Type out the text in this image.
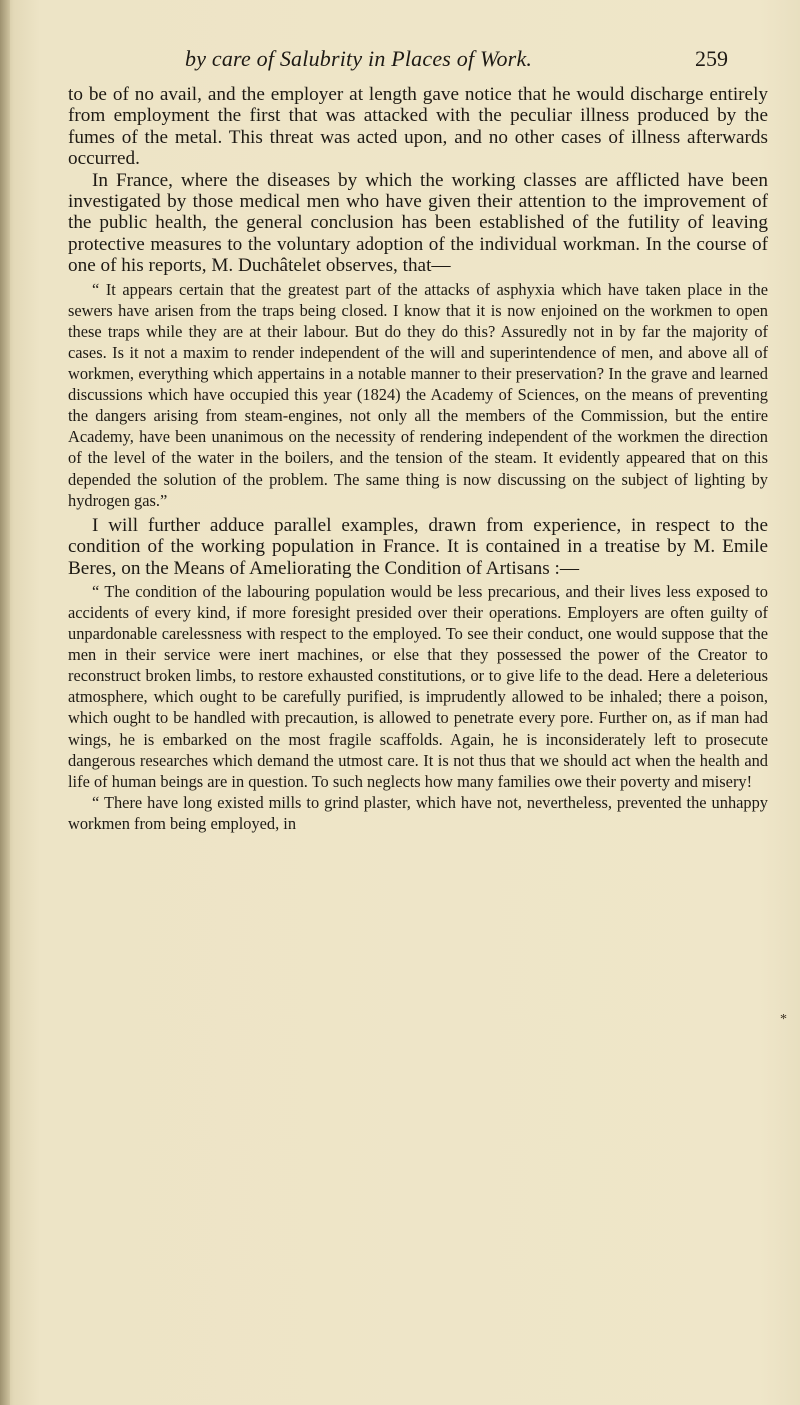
by care of Salubrity in Places of Work.	259

to be of no avail, and the employer at length gave notice that he would discharge entirely from employment the first that was attacked with the peculiar illness produced by the fumes of the metal. This threat was acted upon, and no other cases of illness afterwards occurred.

In France, where the diseases by which the working classes are afflicted have been investigated by those medical men who have given their attention to the improvement of the public health, the general conclusion has been established of the futility of leaving protective measures to the voluntary adoption of the individual workman. In the course of one of his reports, M. Duchâtelet observes, that—

“ It appears certain that the greatest part of the attacks of asphyxia which have taken place in the sewers have arisen from the traps being closed. I know that it is now enjoined on the workmen to open these traps while they are at their labour. But do they do this? Assuredly not in by far the majority of cases. Is it not a maxim to render independent of the will and superintendence of men, and above all of workmen, everything which appertains in a notable manner to their preservation? In the grave and learned discussions which have occupied this year (1824) the Academy of Sciences, on the means of preventing the dangers arising from steam-engines, not only all the members of the Commission, but the entire Academy, have been unanimous on the necessity of rendering independent of the workmen the direction of the level of the water in the boilers, and the tension of the steam. It evidently appeared that on this depended the solution of the problem. The same thing is now discussing on the subject of lighting by hydrogen gas.”

I will further adduce parallel examples, drawn from experience, in respect to the condition of the working population in France. It is contained in a treatise by M. Emile Beres, on the Means of Ameliorating the Condition of Artisans :—

“ The condition of the labouring population would be less precarious, and their lives less exposed to accidents of every kind, if more foresight presided over their operations. Employers are often guilty of unpardonable carelessness with respect to the employed. To see their conduct, one would suppose that the men in their service were inert machines, or else that they possessed the power of the Creator to reconstruct broken limbs, to restore exhausted constitutions, or to give life to the dead. Here a deleterious atmosphere, which ought to be carefully purified, is imprudently allowed to be inhaled; there a poison, which ought to be handled with precaution, is allowed to penetrate every pore. Further on, as if man had wings, he is embarked on the most fragile scaffolds. Again, he is inconsiderately left to prosecute dangerous researches which demand the utmost care. It is not thus that we should act when the health and life of human beings are in question. To such neglects how many families owe their poverty and misery!

“ There have long existed mills to grind plaster, which have not, nevertheless, prevented the unhappy workmen from being employed, in

*
